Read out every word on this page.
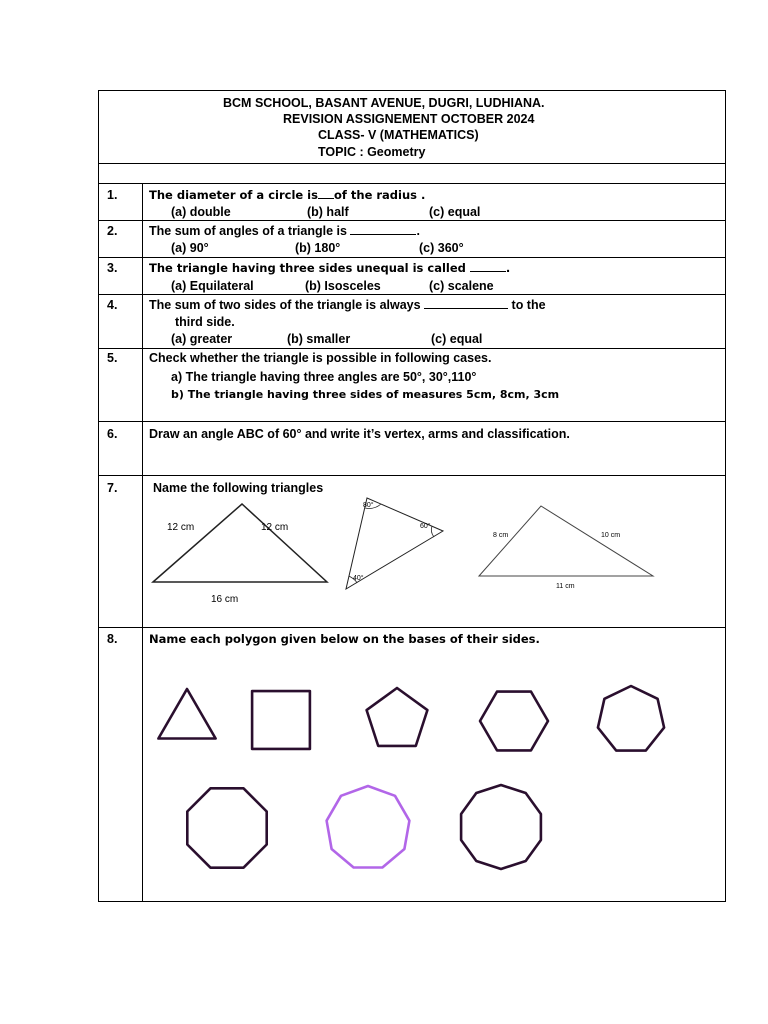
BCM SCHOOL, BASANT AVENUE, DUGRI, LUDHIANA.
REVISION ASSIGNEMENT OCTOBER 2024
CLASS- V (MATHEMATICS)
TOPIC : Geometry
1.	The diameter of a circle is of the radius .
(a) double	(b) half	(c) equal
2.	The sum of angles of a triangle is	.
(a) 90°	(b) 180°	(c) 360°
3.	The triangle having three sides unequal is called	.
(a) Equilateral	(b) Isosceles	(c) scalene
4.	The sum of two sides of the triangle is always	to the
third side.
(a) greater	(b) smaller	(c) equal
5.	Check whether the triangle is possible in following cases.
a) The triangle having three angles are 50°, 30°,110°
b) The triangle having three sides of measures 5cm, 8cm, 3cm
6.	Draw an angle ABC of 60° and write it’s vertex, arms and classification.
7.	Name the following triangles
12 cm	12 cm
16 cm
80°
60°
40°
8 cm	10 cm
11 cm
8.	Name each polygon given below on the bases of their sides.
